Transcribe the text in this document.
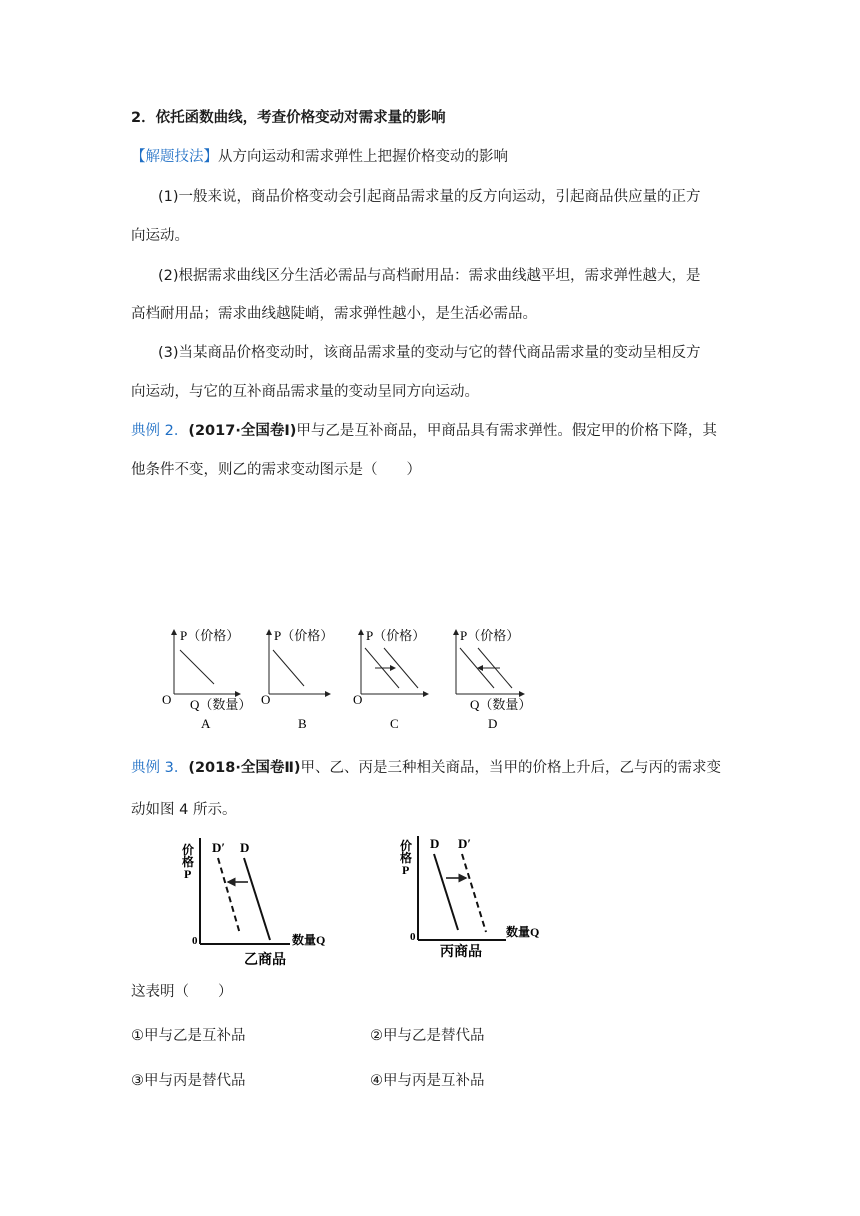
2．依托函数曲线，考查价格变动对需求量的影响
【解题技法】从方向运动和需求弹性上把握价格变动的影响
(1)一般来说，商品价格变动会引起商品需求量的反方向运动，引起商品供应量的正方
向运动。
(2)根据需求曲线区分生活必需品与高档耐用品：需求曲线越平坦，需求弹性越大，是
高档耐用品；需求曲线越陡峭，需求弹性越小，是生活必需品。
(3)当某商品价格变动时，该商品需求量的变动与它的替代商品需求量的变动呈相反方
向运动，与它的互补商品需求量的变动呈同方向运动。
典例 2．(2017·全国卷Ⅰ)甲与乙是互补商品，甲商品具有需求弹性。假定甲的价格下降，其
他条件不变，则乙的需求变动图示是（　　）
P（价格）
O Q（数量）
A
P（价格）
O
B
P（价格）
O
C
P（价格）
Q（数量）
D
典例 3．(2018·全国卷Ⅱ)甲、乙、丙是三种相关商品，当甲的价格上升后，乙与丙的需求变
动如图 4 所示。
价
格
P
D′ D
0	数量Q
乙商品
价
格
P
D D′
0	数量Q
丙商品
这表明（　　）
①甲与乙是互补品	②甲与乙是替代品
③甲与丙是替代品	④甲与丙是互补品
